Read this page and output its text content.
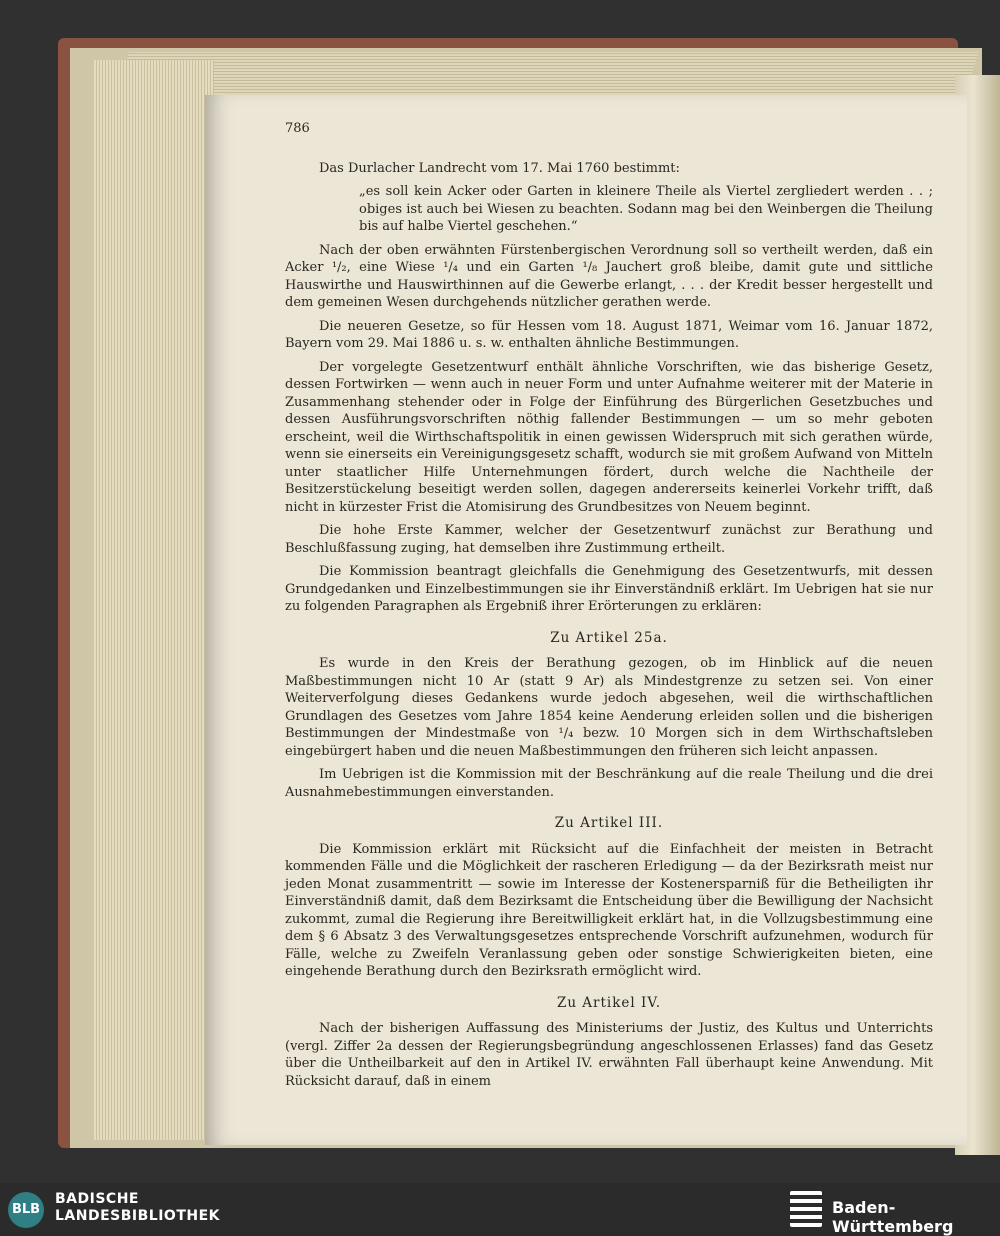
786
Das Durlacher Landrecht vom 17. Mai 1760 bestimmt:
„es soll kein Acker oder Garten in kleinere Theile als Viertel zergliedert werden . . ; obiges ist auch bei Wiesen zu beachten. Sodann mag bei den Weinbergen die Theilung bis auf halbe Viertel geschehen.“
Nach der oben erwähnten Fürstenbergischen Verordnung soll so vertheilt werden, daß ein Acker ¹/₂, eine Wiese ¹/₄ und ein Garten ¹/₈ Jauchert groß bleibe, damit gute und sittliche Hauswirthe und Hauswirthinnen auf die Gewerbe erlangt, . . . der Kredit besser hergestellt und dem gemeinen Wesen durchgehends nützlicher gerathen werde.
Die neueren Gesetze, so für Hessen vom 18. August 1871, Weimar vom 16. Januar 1872, Bayern vom 29. Mai 1886 u. s. w. enthalten ähnliche Bestimmungen.
Der vorgelegte Gesetzentwurf enthält ähnliche Vorschriften, wie das bisherige Gesetz, dessen Fortwirken — wenn auch in neuer Form und unter Aufnahme weiterer mit der Materie in Zusammenhang stehender oder in Folge der Einführung des Bürgerlichen Gesetzbuches und dessen Ausführungsvorschriften nöthig fallender Bestimmungen — um so mehr geboten erscheint, weil die Wirthschaftspolitik in einen gewissen Widerspruch mit sich gerathen würde, wenn sie einerseits ein Vereinigungsgesetz schafft, wodurch sie mit großem Aufwand von Mitteln unter staatlicher Hilfe Unternehmungen fördert, durch welche die Nachtheile der Besitzerstückelung beseitigt werden sollen, dagegen andererseits keinerlei Vorkehr trifft, daß nicht in kürzester Frist die Atomisirung des Grundbesitzes von Neuem beginnt.
Die hohe Erste Kammer, welcher der Gesetzentwurf zunächst zur Berathung und Beschlußfassung zuging, hat demselben ihre Zustimmung ertheilt.
Die Kommission beantragt gleichfalls die Genehmigung des Gesetzentwurfs, mit dessen Grundgedanken und Einzelbestimmungen sie ihr Einverständniß erklärt. Im Uebrigen hat sie nur zu folgenden Paragraphen als Ergebniß ihrer Erörterungen zu erklären:
Zu Artikel 25a.
Es wurde in den Kreis der Berathung gezogen, ob im Hinblick auf die neuen Maßbestimmungen nicht 10 Ar (statt 9 Ar) als Mindestgrenze zu setzen sei. Von einer Weiterverfolgung dieses Gedankens wurde jedoch abgesehen, weil die wirthschaftlichen Grundlagen des Gesetzes vom Jahre 1854 keine Aenderung erleiden sollen und die bisherigen Bestimmungen der Mindestmaße von ¹/₄ bezw. 10 Morgen sich in dem Wirthschaftsleben eingebürgert haben und die neuen Maßbestimmungen den früheren sich leicht anpassen.
Im Uebrigen ist die Kommission mit der Beschränkung auf die reale Theilung und die drei Ausnahmebestimmungen einverstanden.
Zu Artikel III.
Die Kommission erklärt mit Rücksicht auf die Einfachheit der meisten in Betracht kommenden Fälle und die Möglichkeit der rascheren Erledigung — da der Bezirksrath meist nur jeden Monat zusammentritt — sowie im Interesse der Kostenersparniß für die Betheiligten ihr Einverständniß damit, daß dem Bezirksamt die Entscheidung über die Bewilligung der Nachsicht zukommt, zumal die Regierung ihre Bereitwilligkeit erklärt hat, in die Vollzugsbestimmung eine dem § 6 Absatz 3 des Verwaltungsgesetzes entsprechende Vorschrift aufzunehmen, wodurch für Fälle, welche zu Zweifeln Veranlassung geben oder sonstige Schwierigkeiten bieten, eine eingehende Berathung durch den Bezirksrath ermöglicht wird.
Zu Artikel IV.
Nach der bisherigen Auffassung des Ministeriums der Justiz, des Kultus und Unterrichts (vergl. Ziffer 2a dessen der Regierungsbegründung angeschlossenen Erlasses) fand das Gesetz über die Untheilbarkeit auf den in Artikel IV. erwähnten Fall überhaupt keine Anwendung. Mit Rücksicht darauf, daß in einem
BLB
BADISCHE
LANDESBIBLIOTHEK	Baden-Württemberg
